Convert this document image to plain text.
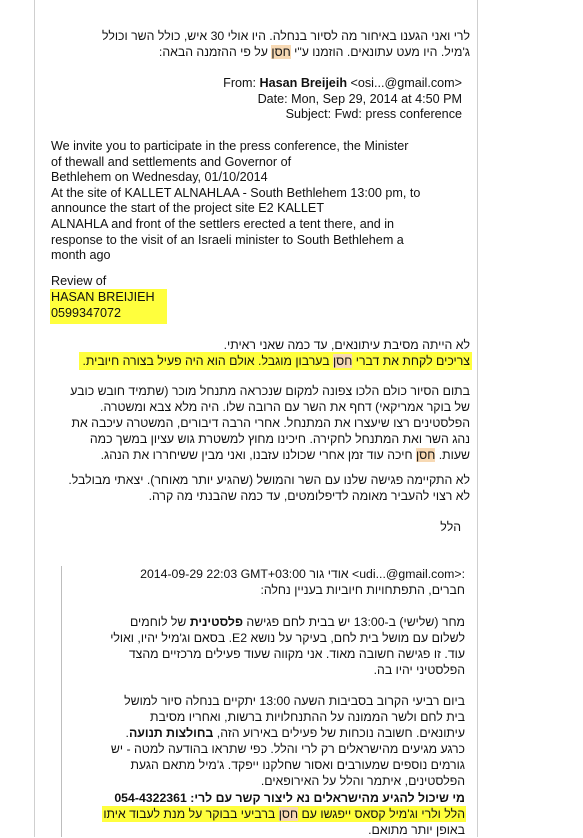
לרי ואני הגענו באיחור מה לסיור בנחלה. היו אולי 30 איש, כולל השר וכולל
ג'מיל. היו מעט עתונאים. הוזמנו ע"י חסן על פי ההזמנה הבאה:
From: Hasan Breijeih <osi...@gmail.com>
Date: Mon, Sep 29, 2014 at 4:50 PM
Subject: Fwd: press conference
We invite you to participate in the press conference, the Minister
of thewall and settlements and Governor of
Bethlehem on Wednesday, 01/10/2014
At the site of KALLET ALNAHLAA - South Bethlehem 13:00 pm, to
announce the start of the project site E2 KALLET
ALNAHLA and front of the settlers erected a tent there, and in
response to the visit of an Israeli minister to South Bethlehem a
month ago
Review of
HASAN BREIJIEH
0599347072
לא הייתה מסיבת עיתונאים, עד כמה שאני ראיתי.
צריכים לקחת את דברי חסן בערבון מוגבל. אולם הוא היה פעיל בצורה חיובית.
בתום הסיור כולם הלכו צפונה למקום שנכראה מתנחל מוכר (שתמיד חובש כובע
של בוקר אמריקאי) דחף את השר עם הרובה שלו. היה מלא צבא ומשטרה.
הפלסטינים רצו שיעצרו את המתנחל. אחרי הרבה דיבורים, המשטרה עיכבה את
נהג השר ואת המתנחל לחקירה. חיכינו מחוץ למשטרת גוש עציון במשך כמה
שעות. חסן חיכה עוד זמן אחרי שכולנו עזבנו, ואני מבין ששיחררו את הנהג.
לא התקיימה פגישה שלנו עם השר והמושל (שהגיע יותר מאוחר). יצאתי מבולבל.
לא רצוי להעביר מאומה לדיפלומטים, עד כמה שהבנתי מה קרה.
הלל
2014-09-29 22:03 GMT+03:00 אודי גור <udi...@gmail.com>:
חברים, התפתחויות חיוביות בעניין נחלה:
מחר (שלישי) ב-13:00 יש בבית לחם פגישה פלסטינית של לוחמים
לשלום עם מושל בית לחם, בעיקר על נושא E2. בסאם וג'מיל יהיו, ואולי
עוד. זו פגישה חשובה מאוד. אני מקווה שעוד פעילים מרכזיים מהצד
הפלסטיני יהיו בה.
ביום רביעי הקרוב בסביבות השעה 13:00 יתקיים בנחלה סיור למושל
בית לחם ולשר הממונה על ההתנחלויות ברשות, ואחריו מסיבת
עיתונאים. חשובה נוכחות של פעילים באירוע הזה, בחולצות תנועה.
כרגע מגיעים מהישראלים רק לרי והלל. כפי שתראו בהודעה למטה - יש
גורמים נוספים שמעורבים ואסור שחלקנו ייפקד. ג'מיל מתאם הגעת
הפלסטינים, איתמר והלל על האירופאים.
מי שיכול להגיע מהישראלים נא ליצור קשר עם לרי: 054-4322361
הלל ולרי וג'מיל קסאס ייפגשו עם חסן ברביעי בבוקר על מנת לעבוד איתו
באופן יותר מתואם.
